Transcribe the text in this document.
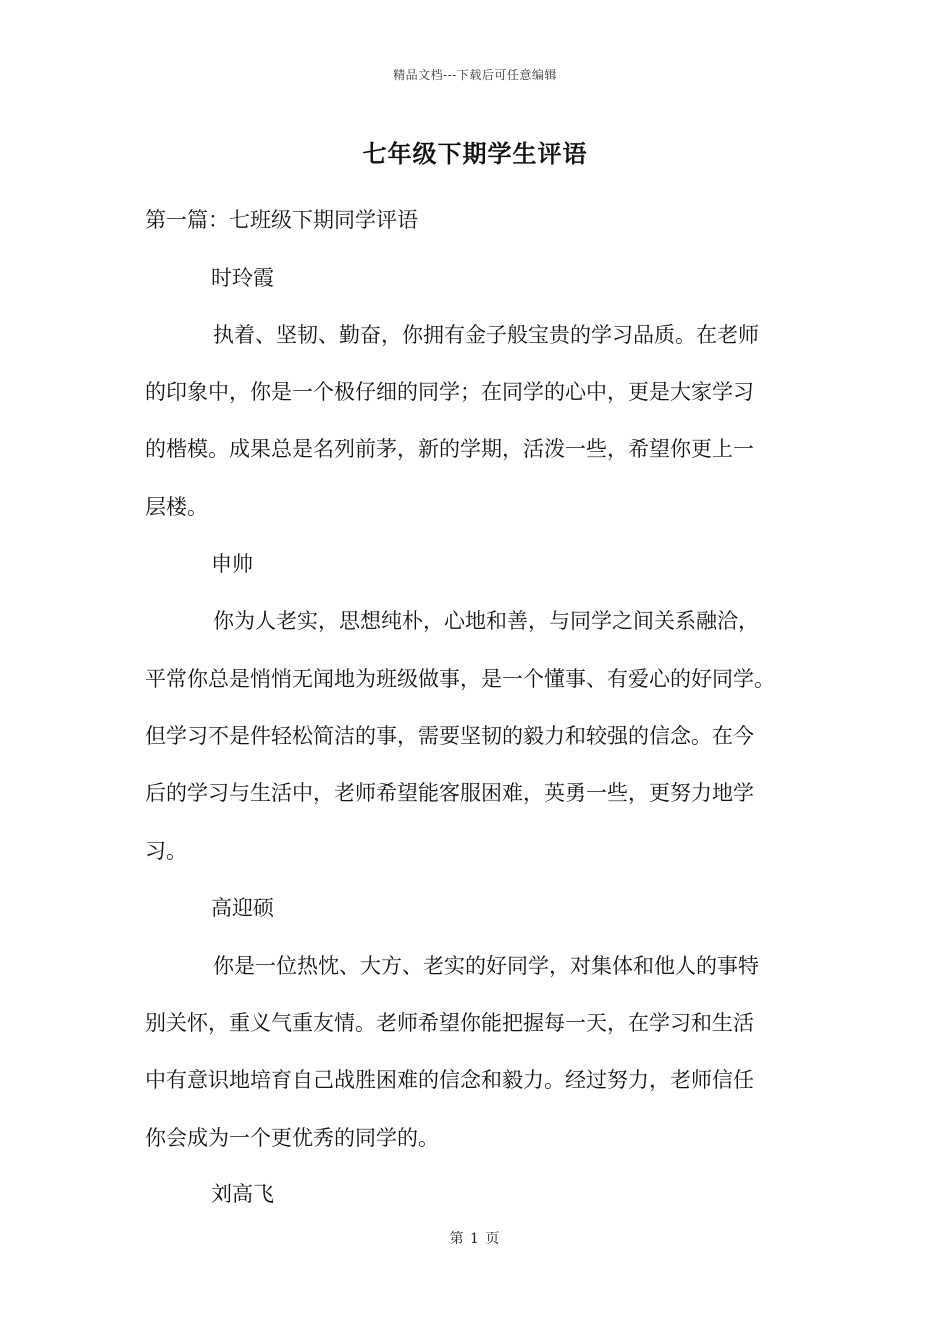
精品文档---下载后可任意编辑
七年级下期学生评语
第一篇：七班级下期同学评语
时玲霞
执着、坚韧、勤奋，你拥有金子般宝贵的学习品质。在老师
的印象中，你是一个极仔细的同学；在同学的心中，更是大家学习
的楷模。成果总是名列前茅，新的学期，活泼一些，希望你更上一
层楼。
申帅
你为人老实，思想纯朴，心地和善，与同学之间关系融洽，
平常你总是悄悄无闻地为班级做事，是一个懂事、有爱心的好同学。
但学习不是件轻松简洁的事，需要坚韧的毅力和较强的信念。在今
后的学习与生活中，老师希望能客服困难，英勇一些，更努力地学
习。
高迎硕
你是一位热忱、大方、老实的好同学，对集体和他人的事特
别关怀，重义气重友情。老师希望你能把握每一天，在学习和生活
中有意识地培育自己战胜困难的信念和毅力。经过努力，老师信任
你会成为一个更优秀的同学的。
刘高飞
第 1 页
